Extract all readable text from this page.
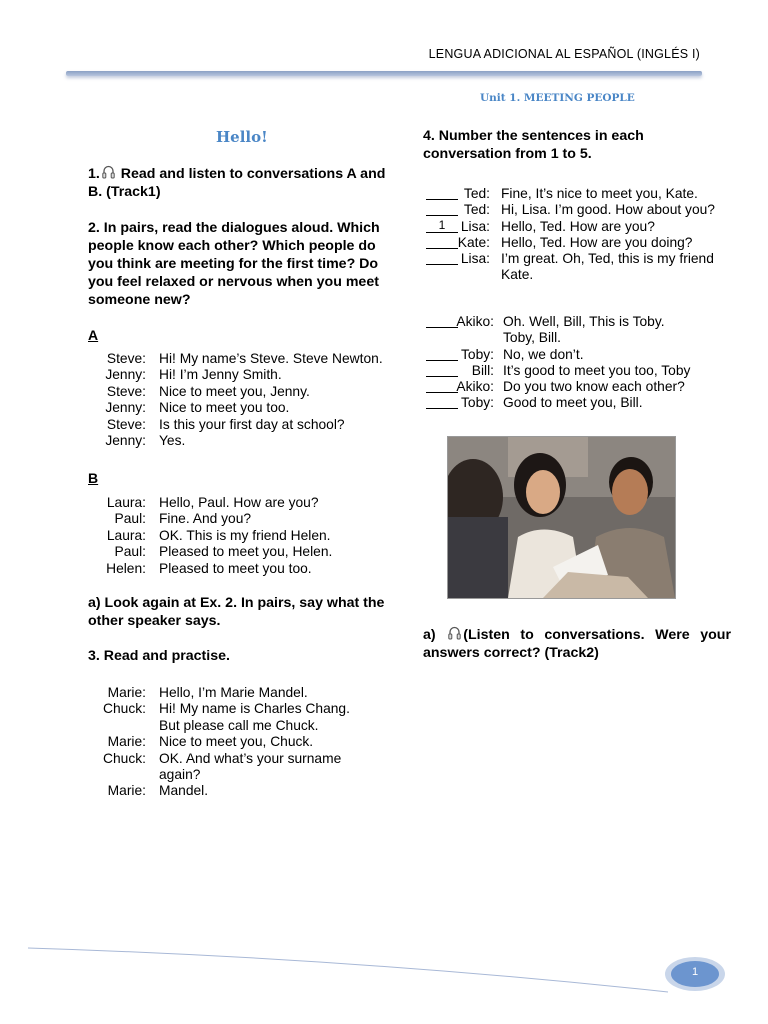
LENGUA ADICIONAL AL ESPAÑOL (INGLÉS I)
Unit 1. MEETING PEOPLE
Hello!
1. Read and listen to conversations A and B. (Track1)
2. In pairs, read the dialogues aloud. Which people know each other? Which people do you think are meeting for the first time? Do you feel relaxed or nervous when you meet someone new?
A
Steve: Hi! My name’s Steve. Steve Newton.
Jenny: Hi! I’m Jenny Smith.
Steve: Nice to meet you, Jenny.
Jenny: Nice to meet you too.
Steve: Is this your first day at school?
Jenny: Yes.
B
Laura: Hello, Paul. How are you?
Paul: Fine. And you?
Laura: OK. This is my friend Helen.
Paul: Pleased to meet you, Helen.
Helen: Pleased to meet you too.
a) Look again at Ex. 2. In pairs, say what the other speaker says.
3. Read and practise.
Marie: Hello, I’m Marie Mandel.
Chuck: Hi! My name is Charles Chang.
But please call me Chuck.
Marie: Nice to meet you, Chuck.
Chuck: OK. And what’s your surname
again?
Marie: Mandel.
4. Number the sentences in each conversation from 1 to 5.
Ted: Fine, It’s nice to meet you, Kate.
Ted: Hi, Lisa. I’m good. How about you?
1	Lisa: Hello, Ted. How are you?
Kate: Hello, Ted. How are you doing?
Lisa: I’m great. Oh, Ted, this is my friend
Kate.
Akiko: Oh. Well, Bill, This is Toby.
Toby, Bill.
Toby: No, we don’t.
Bill: It’s good to meet you too, Toby
Akiko: Do you two know each other?
Toby: Good to meet you, Bill.
a) (Listen to conversations. Were your answers correct? (Track2)
1
